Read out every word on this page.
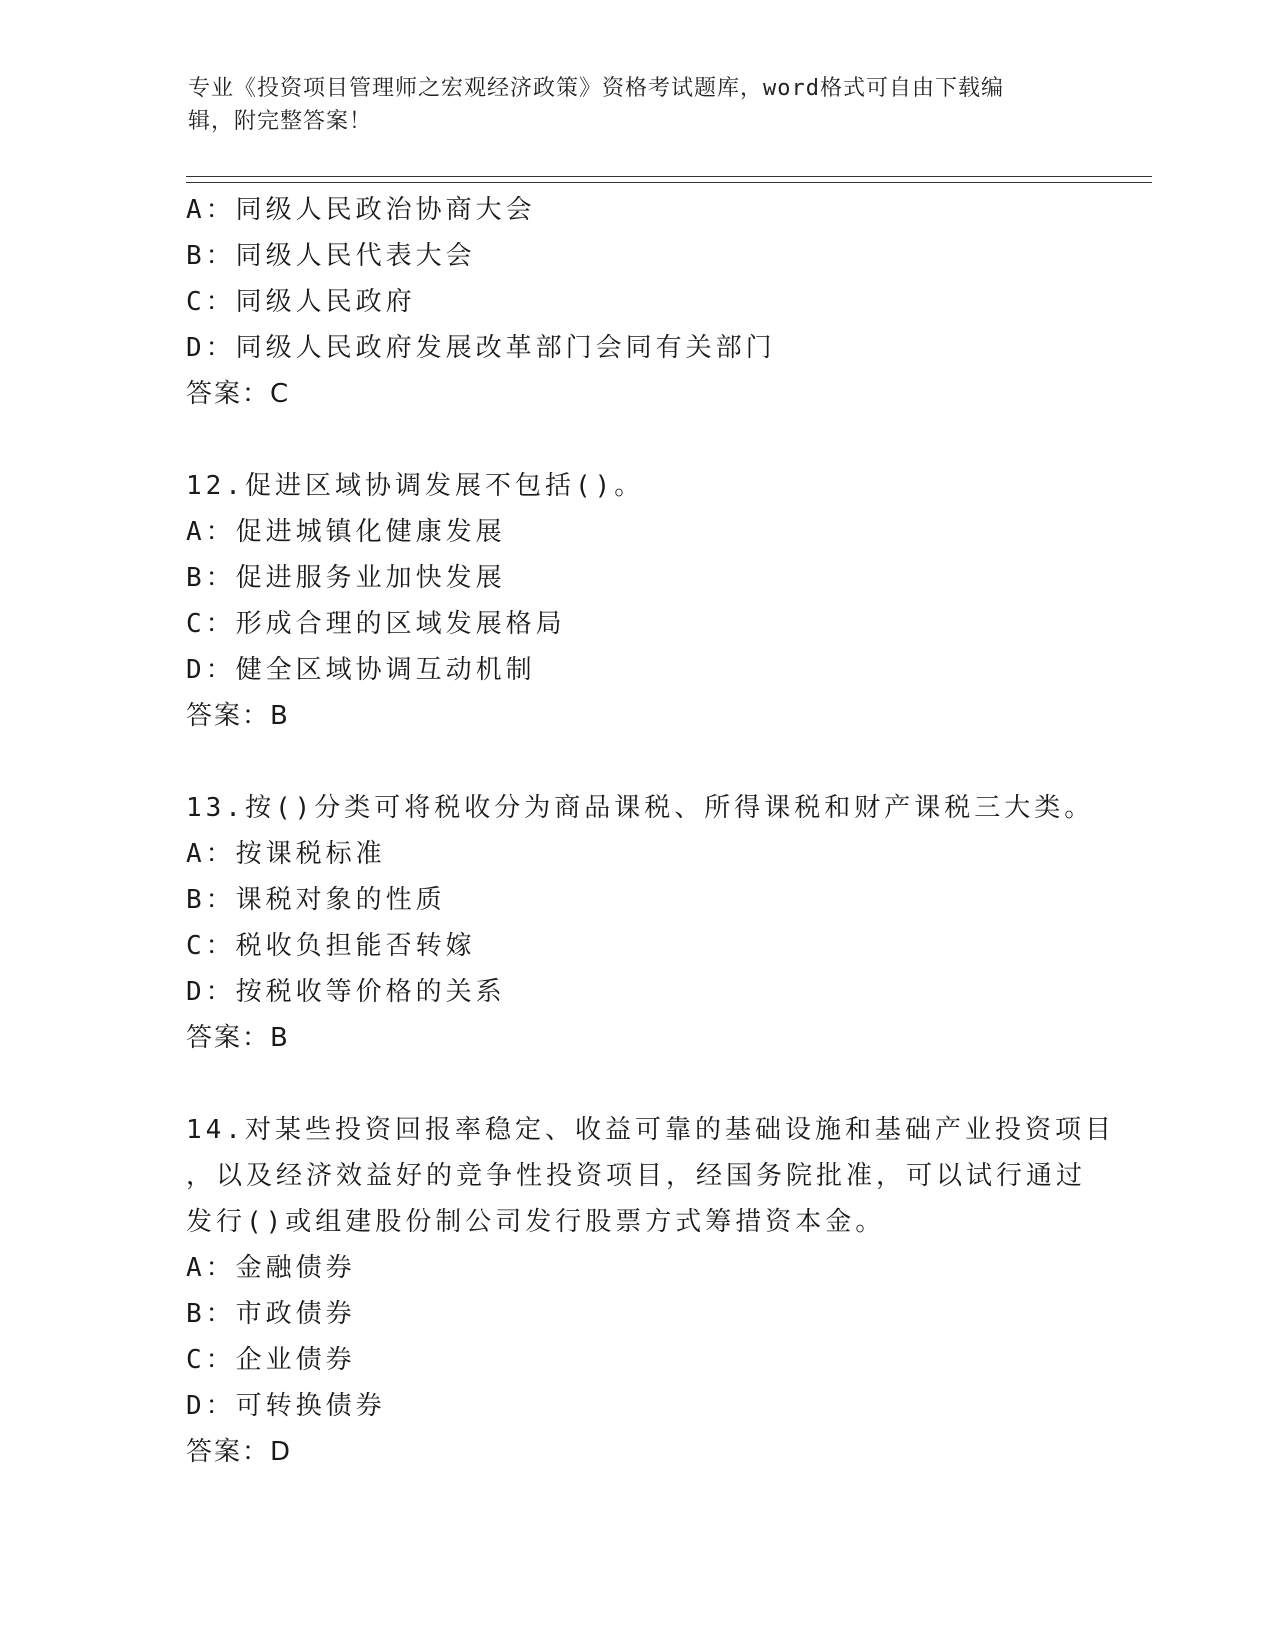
专业《投资项目管理师之宏观经济政策》资格考试题库，word格式可自由下载编
辑，附完整答案！
A：同级人民政治协商大会
B：同级人民代表大会
C：同级人民政府
D：同级人民政府发展改革部门会同有关部门
答案：C
12.促进区域协调发展不包括()。
A：促进城镇化健康发展
B：促进服务业加快发展
C：形成合理的区域发展格局
D：健全区域协调互动机制
答案：B
13.按()分类可将税收分为商品课税、所得课税和财产课税三大类。
A：按课税标准
B：课税对象的性质
C：税收负担能否转嫁
D：按税收等价格的关系
答案：B
14.对某些投资回报率稳定、收益可靠的基础设施和基础产业投资项目
，以及经济效益好的竞争性投资项目，经国务院批准，可以试行通过
发行()或组建股份制公司发行股票方式筹措资本金。
A：金融债券
B：市政债券
C：企业债券
D：可转换债券
答案：D
